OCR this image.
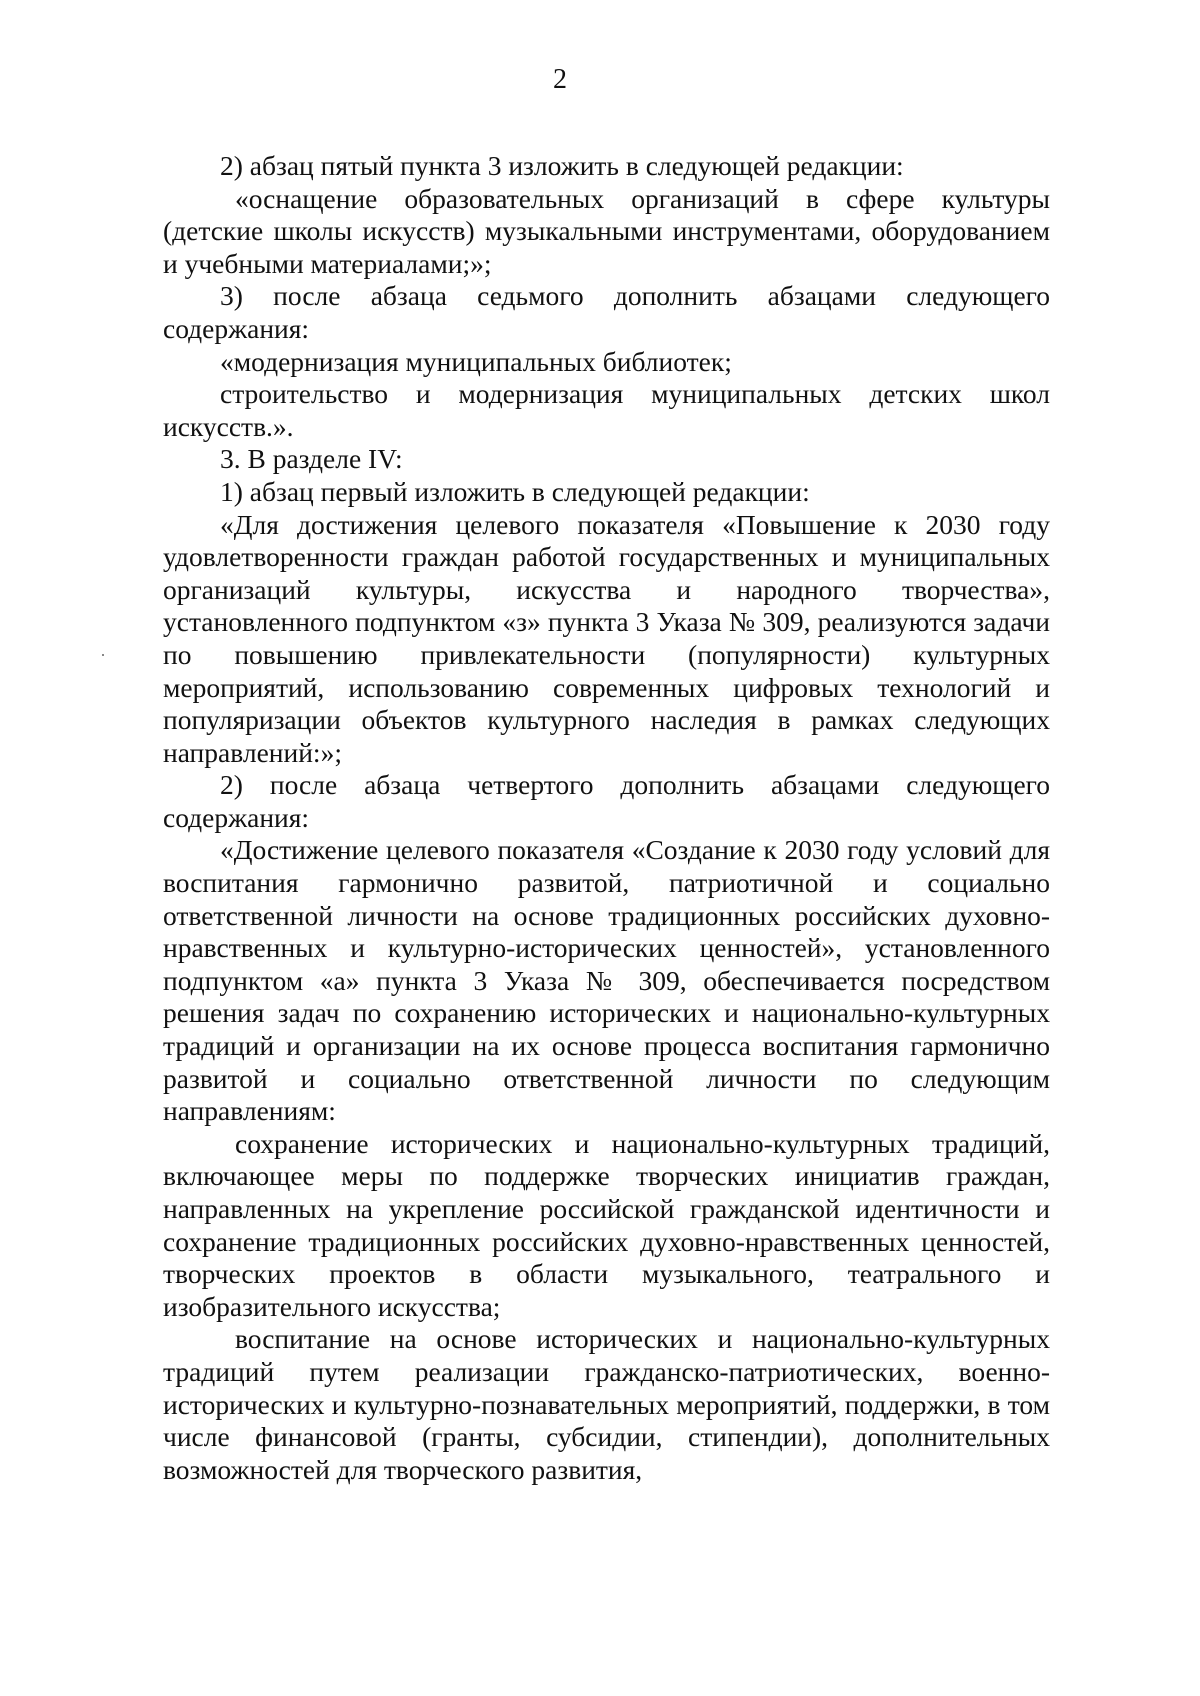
2

2) абзац пятый пункта 3 изложить в следующей редакции:

«оснащение образовательных организаций в сфере культуры (детские школы искусств) музыкальными инструментами, оборудованием и учебными материалами;»;

3) после абзаца седьмого дополнить абзацами следующего содержания:

«модернизация муниципальных библиотек;

строительство и модернизация муниципальных детских школ искусств.».

3. В разделе IV:

1) абзац первый изложить в следующей редакции:

«Для достижения целевого показателя «Повышение к 2030 году удовлетворенности граждан работой государственных и муниципальных организаций культуры, искусства и народного творчества», установленного подпунктом «з» пункта 3 Указа № 309, реализуются задачи по повышению привлекательности (популярности) культурных мероприятий, использованию современных цифровых технологий и популяризации объектов культурного наследия в рамках следующих направлений:»;

2) после абзаца четвертого дополнить абзацами следующего содержания:

«Достижение целевого показателя «Создание к 2030 году условий для воспитания гармонично развитой, патриотичной и социально ответственной личности на основе традиционных российских духовно-нравственных и культурно-исторических ценностей», установленного подпунктом «а» пункта 3 Указа № 309, обеспечивается посредством решения задач по сохранению исторических и национально-культурных традиций и организации на их основе процесса воспитания гармонично развитой и социально ответственной личности по следующим направлениям:

сохранение исторических и национально-культурных традиций, включающее меры по поддержке творческих инициатив граждан, направленных на укрепление российской гражданской идентичности и сохранение традиционных российских духовно-нравственных ценностей, творческих проектов в области музыкального, театрального и изобразительного искусства;

воспитание на основе исторических и национально-культурных традиций путем реализации гражданско-патриотических, военно-исторических и культурно-познавательных мероприятий, поддержки, в том числе финансовой (гранты, субсидии, стипендии), дополнительных возможностей для творческого развития,
